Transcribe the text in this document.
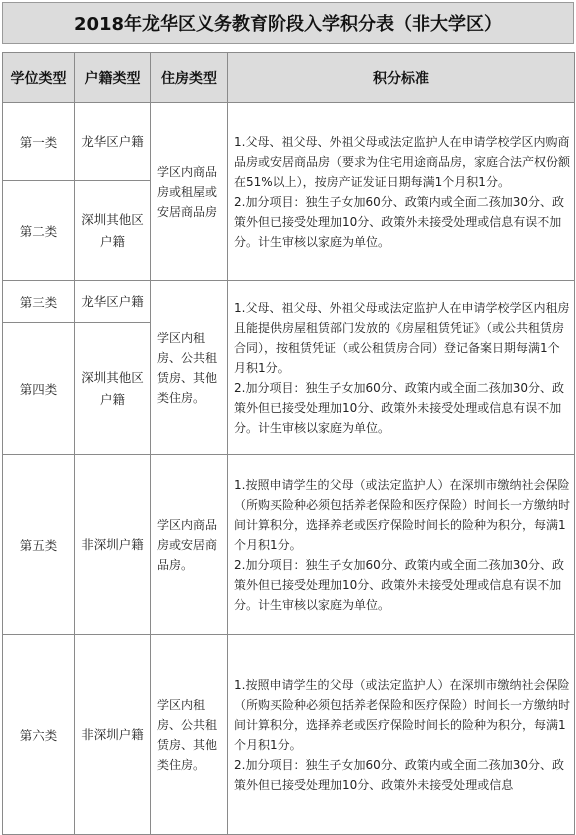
2018年龙华区义务教育阶段入学积分表（非大学区）
学位类型	户籍类型	住房类型	积分标准
第一类	龙华区户籍	学区内商品房或租屋或安居商品房	1.父母、祖父母、外祖父母或法定监护人在申请学校学区内购商品房或安居商品房（要求为住宅用途商品房，家庭合法产权份额在51%以上），按房产证发证日期每满1个月积1分。

2.加分项目：独生子女加60分、政策内或全面二孩加30分、政策外但已接受处理加10分、政策外未接受处理或信息有误不加分。计生审核以家庭为单位。

第二类	深圳其他区户籍		
第三类	龙华区户籍	学区内租房、公共租赁房、其他类住房。	1.父母、祖父母、外祖父母或法定监护人在申请学校学区内租房且能提供房屋租赁部门发放的《房屋租赁凭证》（或公共租赁房合同），按租赁凭证（或公租赁房合同）登记备案日期每满1个月积1分。

2.加分项目：独生子女加60分、政策内或全面二孩加30分、政策外但已接受处理加10分、政策外未接受处理或信息有误不加分。计生审核以家庭为单位。

第四类	深圳其他区户籍		
第五类	非深圳户籍	学区内商品房或安居商品房。	1.按照申请学生的父母（或法定监护人）在深圳市缴纳社会保险（所购买险种必须包括养老保险和医疗保险）时间长一方缴纳时间计算积分，选择养老或医疗保险时间长的险种为积分，每满1个月积1分。

2.加分项目：独生子女加60分、政策内或全面二孩加30分、政策外但已接受处理加10分、政策外未接受处理或信息有误不加分。计生审核以家庭为单位。

第六类	非深圳户籍	学区内租房、公共租赁房、其他类住房。	1.按照申请学生的父母（或法定监护人）在深圳市缴纳社会保险（所购买险种必须包括养老保险和医疗保险）时间长一方缴纳时间计算积分，选择养老或医疗保险时间长的险种为积分，每满1个月积1分。

2.加分项目：独生子女加60分、政策内或全面二孩加30分、政策外但已接受处理加10分、政策外未接受处理或信息
